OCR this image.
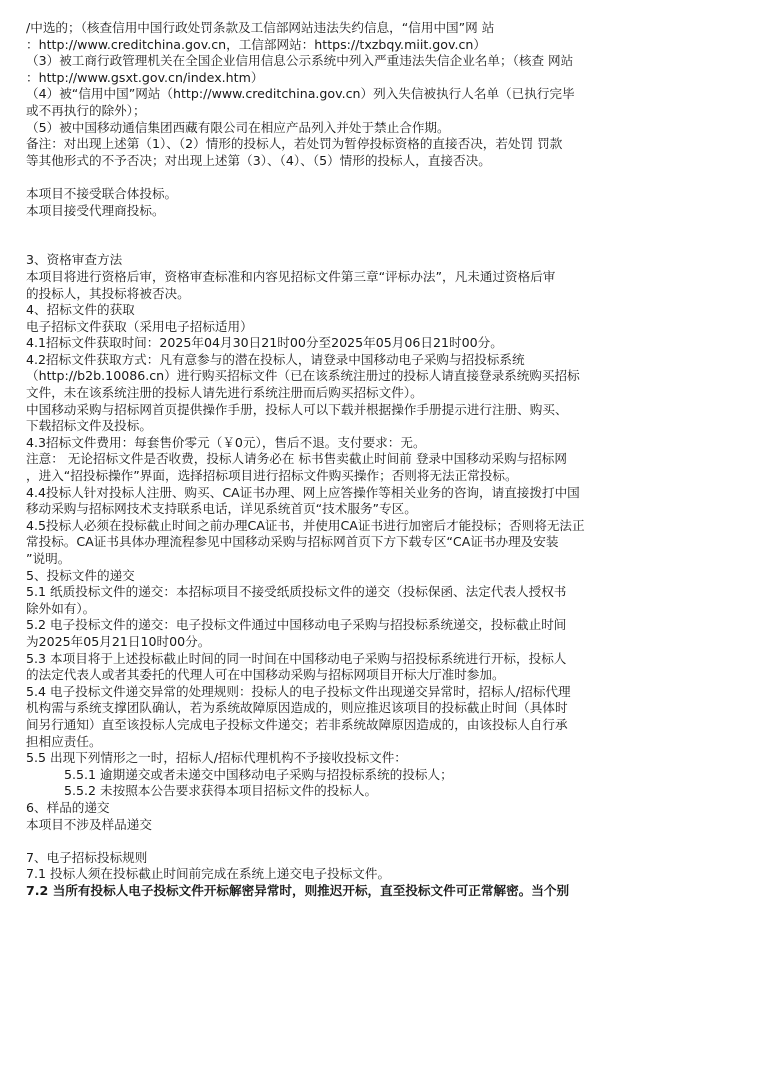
/中选的；（核查信用中国行政处罚条款及工信部网站违法失约信息，“信用中国”网 站

：http://www.creditchina.gov.cn，工信部网站：https://txzbqy.miit.gov.cn）

（3）被工商行政管理机关在全国企业信用信息公示系统中列入严重违法失信企业名单；（核查 网站

：http://www.gsxt.gov.cn/index.htm）

（4）被“信用中国”网站（http://www.creditchina.gov.cn）列入失信被执行人名单（已执行完毕

或不再执行的除外）；

（5）被中国移动通信集团西藏有限公司在相应产品列入并处于禁止合作期。

备注：对出现上述第（1）、（2）情形的投标人，若处罚为暂停投标资格的直接否决，若处罚 罚款

等其他形式的不予否决；对出现上述第（3）、（4）、（5）情形的投标人，直接否决。

本项目不接受联合体投标。

本项目接受代理商投标。

3、资格审查方法

本项目将进行资格后审，资格审查标准和内容见招标文件第三章“评标办法”，凡未通过资格后审

的投标人，其投标将被否决。

4、招标文件的获取

电子招标文件获取（采用电子招标适用）

4.1招标文件获取时间：2025年04月30日21时00分至2025年05月06日21时00分。

4.2招标文件获取方式：凡有意参与的潜在投标人，请登录中国移动电子采购与招投标系统

（http://b2b.10086.cn）进行购买招标文件（已在该系统注册过的投标人请直接登录系统购买招标

文件，未在该系统注册的投标人请先进行系统注册而后购买招标文件）。

中国移动采购与招标网首页提供操作手册，投标人可以下载并根据操作手册提示进行注册、购买、

下载招标文件及投标。

4.3招标文件费用：每套售价零元（￥0元），售后不退。支付要求：无。

注意： 无论招标文件是否收费，投标人请务必在 标书售卖截止时间前 登录中国移动采购与招标网

，进入“招投标操作”界面，选择招标项目进行招标文件购买操作；否则将无法正常投标。

4.4投标人针对投标人注册、购买、CA证书办理、网上应答操作等相关业务的咨询，请直接拨打中国

移动采购与招标网技术支持联系电话，详见系统首页“技术服务”专区。

4.5投标人必须在投标截止时间之前办理CA证书，并使用CA证书进行加密后才能投标；否则将无法正

常投标。CA证书具体办理流程参见中国移动采购与招标网首页下方下载专区“CA证书办理及安装

”说明。

5、投标文件的递交

5.1 纸质投标文件的递交：本招标项目不接受纸质投标文件的递交（投标保函、法定代表人授权书

除外如有）。

5.2 电子投标文件的递交：电子投标文件通过中国移动电子采购与招投标系统递交，投标截止时间

为2025年05月21日10时00分。

5.3 本项目将于上述投标截止时间的同一时间在中国移动电子采购与招投标系统进行开标，投标人

的法定代表人或者其委托的代理人可在中国移动采购与招标网项目开标大厅准时参加。

5.4 电子投标文件递交异常的处理规则：投标人的电子投标文件出现递交异常时，招标人/招标代理

机构需与系统支撑团队确认，若为系统故障原因造成的，则应推迟该项目的投标截止时间（具体时

间另行通知）直至该投标人完成电子投标文件递交；若非系统故障原因造成的，由该投标人自行承

担相应责任。

5.5 出现下列情形之一时，招标人/招标代理机构不予接收投标文件：

5.5.1 逾期递交或者未递交中国移动电子采购与招投标系统的投标人；

5.5.2 未按照本公告要求获得本项目招标文件的投标人。

6、样品的递交

本项目不涉及样品递交

7、电子招标投标规则

7.1 投标人须在投标截止时间前完成在系统上递交电子投标文件。

7.2 当所有投标人电子投标文件开标解密异常时，则推迟开标，直至投标文件可正常解密。当个别
